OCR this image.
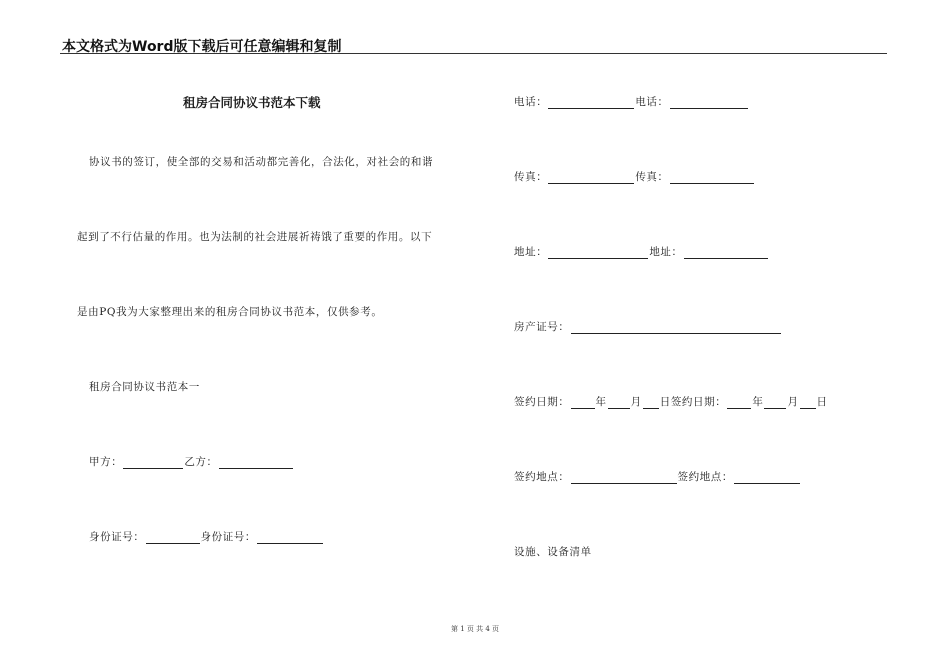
本文格式为Word版下载后可任意编辑和复制
租房合同协议书范本下载
协议书的签订，使全部的交易和活动都完善化，合法化，对社会的和谐
起到了不行估量的作用。也为法制的社会进展祈祷饿了重要的作用。以下
是由PQ我为大家整理出来的租房合同协议书范本，仅供参考。
租房合同协议书范本一
甲方：	乙方：
身份证号：	身份证号：
电话：	电话：
传真：	传真：
地址：	地址：
房产证号：
签约日期： 年 月 日签约日期： 年 月 日
签约地点：	签约地点：
设施、设备清单
第 1 页 共 4 页
